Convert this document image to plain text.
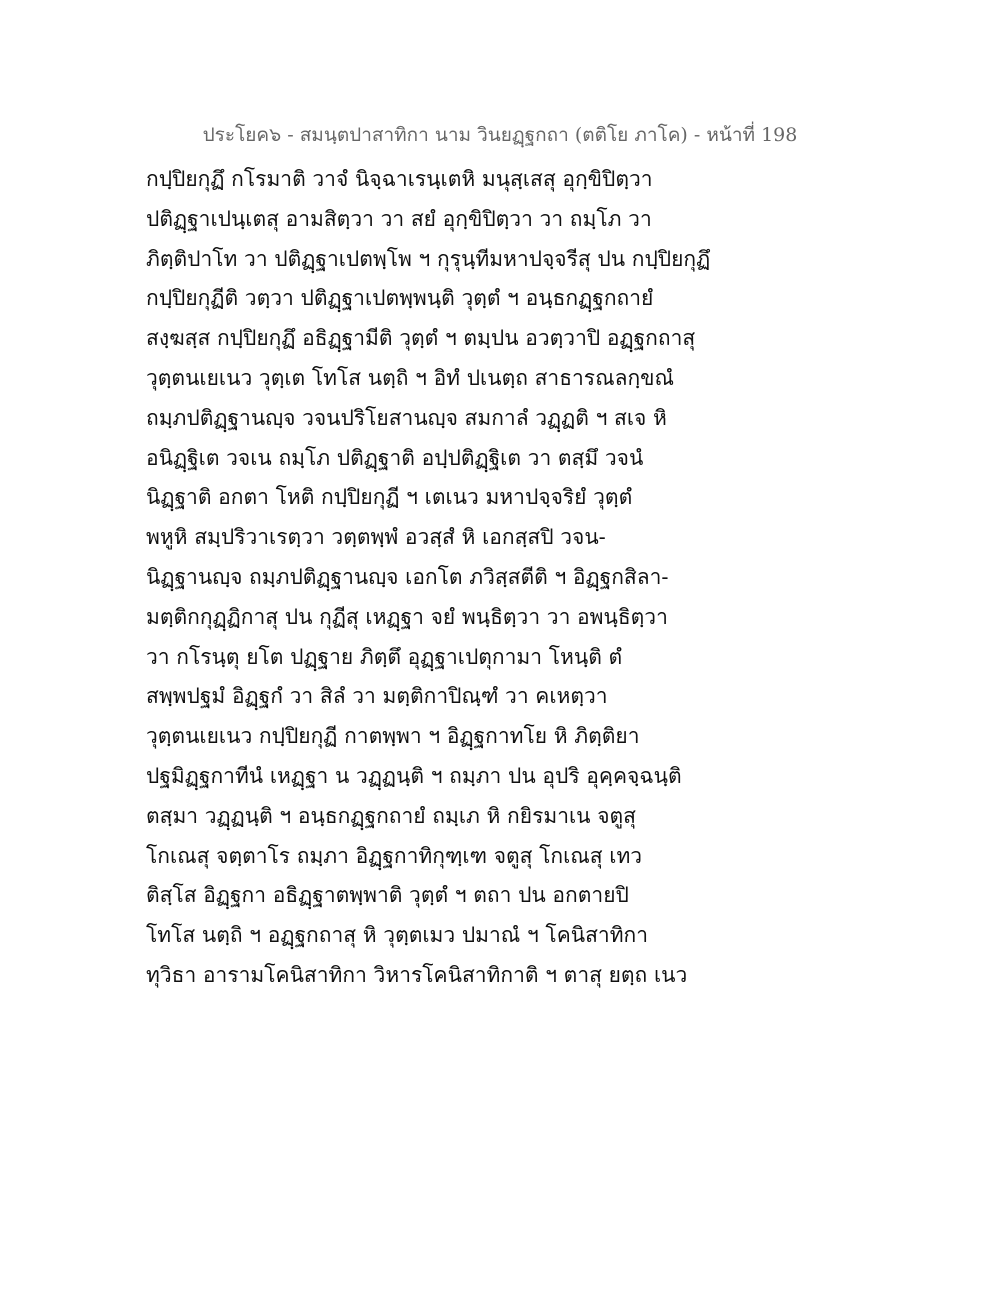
ประโยค๖ - สมนฺตปาสาทิกา นาม วินยฏฺฐกถา (ตติโย ภาโค) - หน้าที่ 198
กปฺปิยกุฏึ กโรมาติ วาจํ นิจฺฉาเรนฺเตหิ มนุสฺเสสุ อุกฺขิปิตฺวา
ปติฏฺฐาเปนฺเตสุ อามสิตฺวา วา สยํ อุกฺขิปิตฺวา วา ถมฺโภ วา
ภิตฺติปาโท วา ปติฏฺฐาเปตพฺโพ ฯ กุรุนฺทีมหาปจฺจรีสุ ปน กปฺปิยกุฏึ
กปฺปิยกุฏีติ วตฺวา ปติฏฺฐาเปตพฺพนฺติ วุตฺตํ ฯ อนฺธกฏฺฐกถายํ
สงฺฆสฺส กปฺปิยกุฏึ อธิฏฺฐามีติ วุตฺตํ ฯ ตมฺปน อวตฺวาปิ อฏฺฐกถาสุ
วุตฺตนเยเนว วุตฺเต โทโส นตฺถิ ฯ อิทํ ปเนตฺถ สาธารณลกฺขณํ
ถมฺภปติฏฺฐานญฺจ วจนปริโยสานญฺจ สมกาลํ วฏฺฏติ ฯ สเจ หิ
อนิฏฺฐิเต วจเน ถมฺโภ ปติฏฺฐาติ อปฺปติฏฺฐิเต วา ตสฺมึ วจนํ
นิฏฺฐาติ อกตา โหติ กปฺปิยกุฏี ฯ เตเนว มหาปจฺจริยํ วุตฺตํ
พหูหิ สมฺปริวาเรตฺวา วตฺตพฺพํ อวสฺสํ หิ เอกสฺสปิ วจน-
นิฏฺฐานญฺจ ถมฺภปติฏฺฐานญฺจ เอกโต ภวิสฺสตีติ ฯ อิฏฺฐกสิลา-
มตฺติกกุฏฺฏิกาสุ ปน กุฏีสุ เหฏฺฐา จยํ พนฺธิตฺวา วา อพนฺธิตฺวา
วา กโรนฺตุ ยโต ปฏฺฐาย ภิตฺตึ อุฏฺฐาเปตุกามา โหนฺติ ตํ
สพฺพปฐมํ อิฏฺฐกํ วา สิลํ วา มตฺติกาปิณฺฑํ วา คเหตฺวา
วุตฺตนเยเนว กปฺปิยกุฏี กาตพฺพา ฯ อิฏฺฐกาทโย หิ ภิตฺติยา
ปฐมิฏฺฐกาทีนํ เหฏฺฐา น วฏฺฏนฺติ ฯ ถมฺภา ปน อุปริ อุคฺคจฺฉนฺติ
ตสฺมา วฏฺฏนฺติ ฯ อนฺธกฏฺฐกถายํ ถมฺเภ หิ กยิรมาเน จตูสุ
โกเณสุ จตฺตาโร ถมฺภา อิฏฺฐกาทิกุฑฺเฑ จตูสุ โกเณสุ เทว
ติสฺโส อิฏฺฐกา อธิฏฺฐาตพฺพาติ วุตฺตํ ฯ ตถา ปน อกตายปิ
โทโส นตฺถิ ฯ อฏฺฐกถาสุ หิ วุตฺตเมว ปมาณํ ฯ โคนิสาทิกา
ทุวิธา อารามโคนิสาทิกา วิหารโคนิสาทิกาติ ฯ ตาสุ ยตฺถ เนว
